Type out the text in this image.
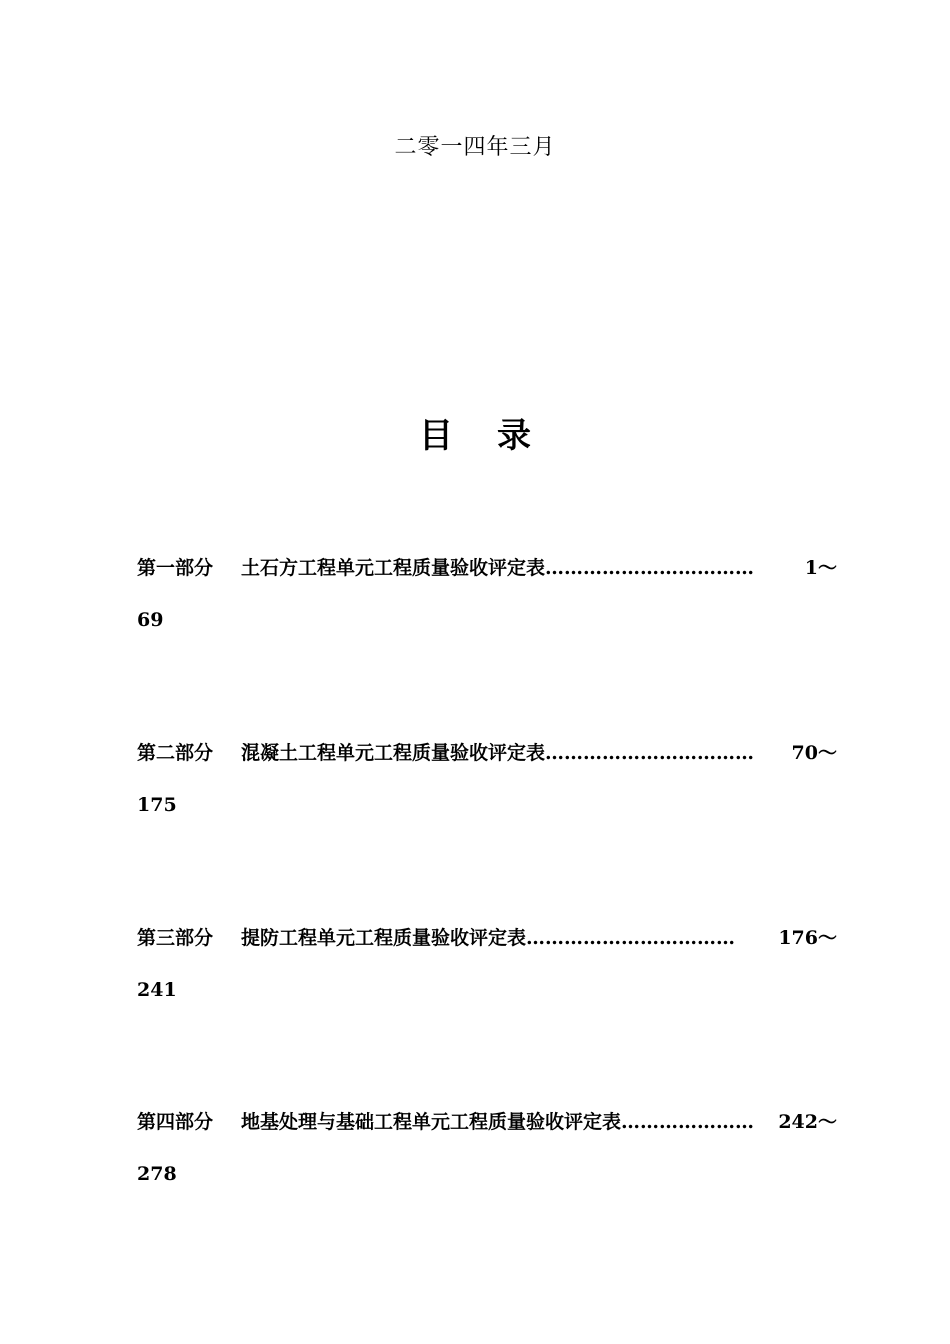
二零一四年三月

目 录
第一部分	土石方工程单元工程质量验收评定表 ……………………………	1～
69
第二部分	混凝土工程单元工程质量验收评定表 ……………………………	70～
175
第三部分	提防工程单元工程质量验收评定表 ……………………………	176～
241
第四部分	地基处理与基础工程单元工程质量验收评定表 …………………	242～
278
